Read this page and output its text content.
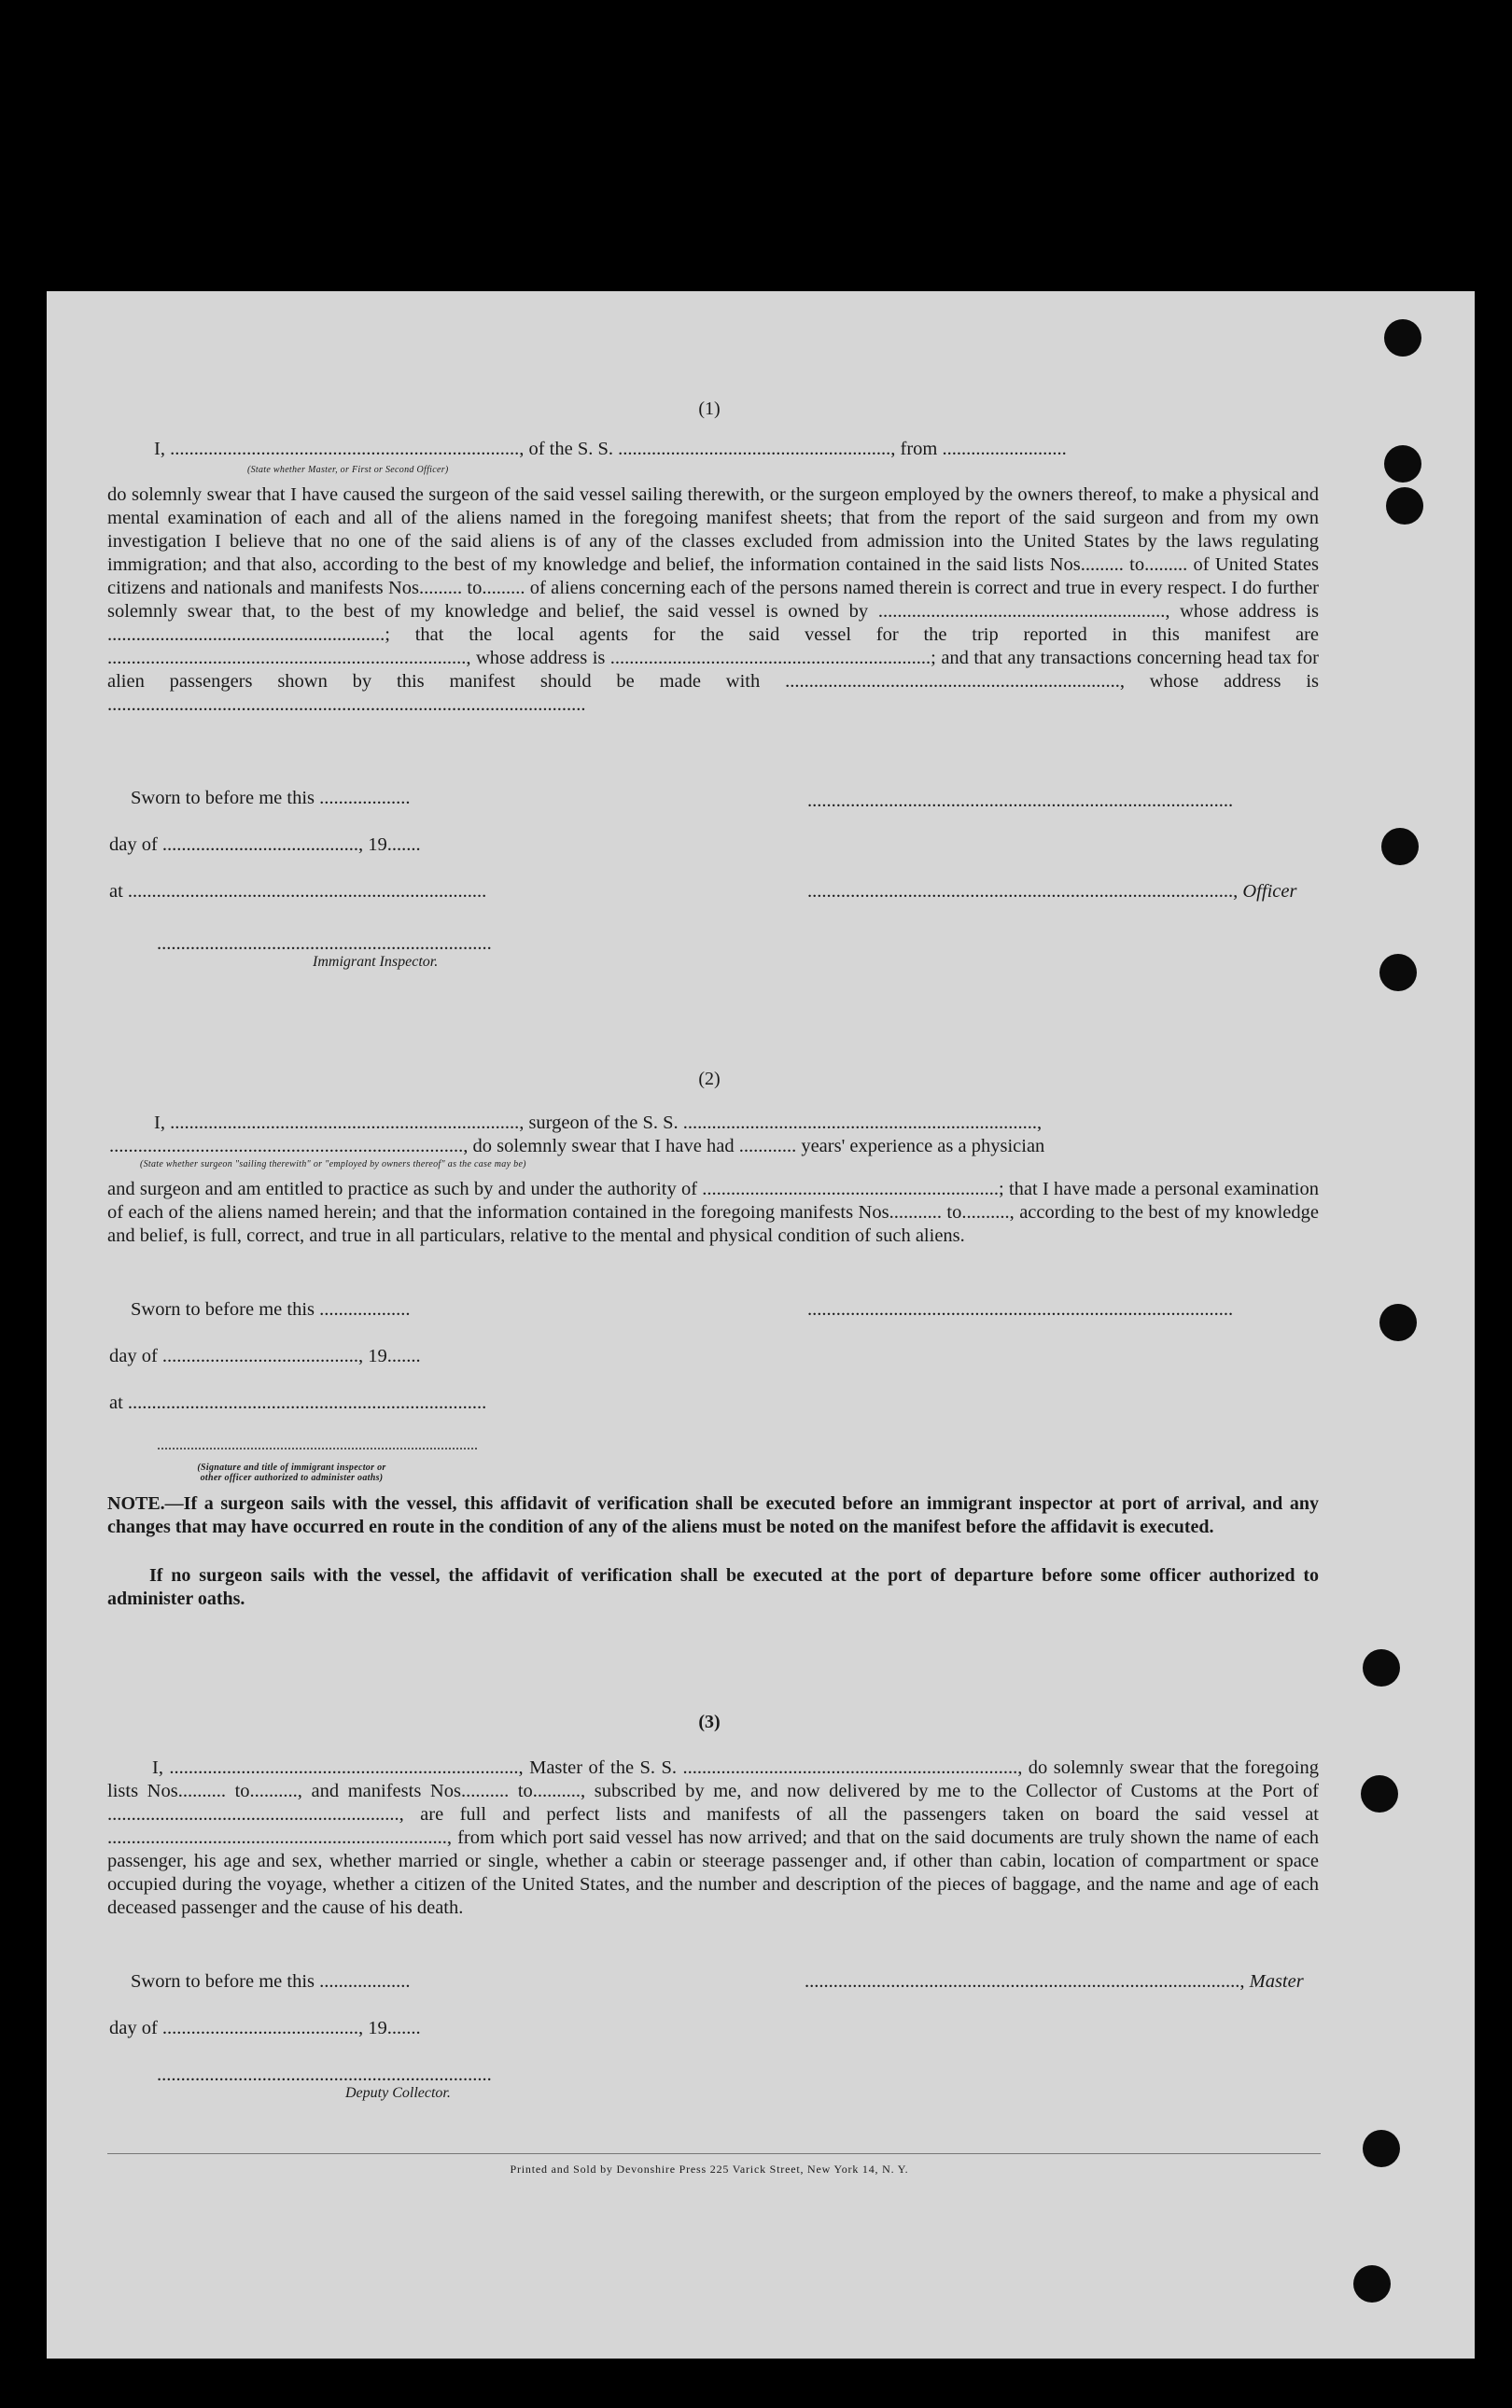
(1)
I, ........................................................................., of the S. S. ........................................................., from ..........................
(State whether Master, or First or Second Officer)
do solemnly swear that I have caused the surgeon of the said vessel sailing therewith, or the surgeon employed by the owners thereof, to make a physical and mental examination of each and all of the aliens named in the foregoing manifest sheets; that from the report of the said surgeon and from my own investigation I believe that no one of the said aliens is of any of the classes excluded from admission into the United States by the laws regulating immigration; and that also, according to the best of my knowledge and belief, the information contained in the said lists Nos......... to......... of United States citizens and nationals and manifests Nos......... to......... of aliens concerning each of the persons named therein is correct and true in every respect. I do further solemnly swear that, to the best of my knowledge and belief, the said vessel is owned by ............................................................, whose address is ..........................................................; that the local agents for the said vessel for the trip reported in this manifest are ..........................................................................., whose address is ...................................................................; and that any transactions concerning head tax for alien passengers shown by this manifest should be made with ......................................................................, whose address is ....................................................................................................
Sworn to before me this ...................
day of ........................................., 19.......
at ...........................................................................
.........................................................................................
........................................................................................., Officer
......................................................................
Immigrant Inspector.
(2)
I, ........................................................................., surgeon of the S. S. ..........................................................................,
.........................................................................., do solemnly swear that I have had ............ years' experience as a physician
(State whether surgeon "sailing therewith" or "employed by owners thereof" as the case may be)
and surgeon and am entitled to practice as such by and under the authority of ..............................................................; that I have made a personal examination of each of the aliens named herein; and that the information contained in the foregoing manifests Nos........... to.........., according to the best of my knowledge and belief, is full, correct, and true in all particulars, relative to the mental and physical condition of such aliens.
Sworn to before me this ...................	.........................................................................................
day of ........................................., 19.......
at ...........................................................................
......................................................................................
(Signature and title of immigrant inspector or other officer authorized to administer oaths)
NOTE.—If a surgeon sails with the vessel, this affidavit of verification shall be executed before an immigrant inspector at port of arrival, and any changes that may have occurred en route in the condition of any of the aliens must be noted on the manifest before the affidavit is executed.
If no surgeon sails with the vessel, the affidavit of verification shall be executed at the port of departure before some officer authorized to administer oaths.
(3)
I, ........................................................................., Master of the S. S. ......................................................................, do solemnly swear that the foregoing lists Nos.......... to.........., and manifests Nos.......... to.........., subscribed by me, and now delivered by me to the Collector of Customs at the Port of ............................................................., are full and perfect lists and manifests of all the passengers taken on board the said vessel at ......................................................................., from which port said vessel has now arrived; and that on the said documents are truly shown the name of each passenger, his age and sex, whether married or single, whether a cabin or steerage passenger and, if other than cabin, location of compartment or space occupied during the voyage, whether a citizen of the United States, and the number and description of the pieces of baggage, and the name and age of each deceased passenger and the cause of his death.
Sworn to before me this ...................	..........................................................................................., Master
day of ........................................., 19.......
......................................................................
Deputy Collector.
Printed and Sold by Devonshire Press 225 Varick Street, New York 14, N. Y.
